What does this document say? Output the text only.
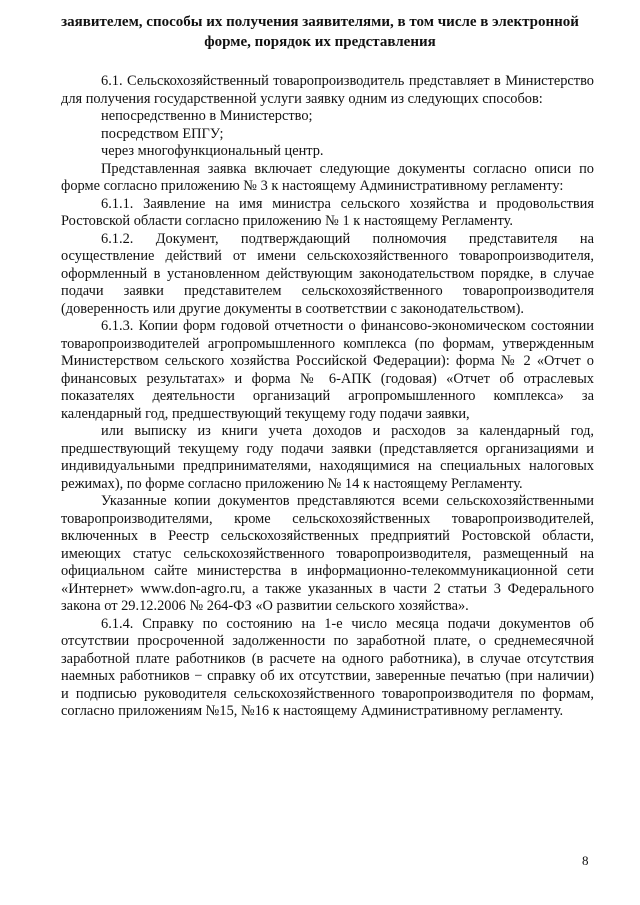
заявителем, способы их получения заявителями, в том числе в электронной
форме, порядок их представления

6.1. Сельскохозяйственный товаропроизводитель представляет в Министерство для получения государственной услуги заявку одним из следующих способов:

непосредственно в Министерство;
посредством ЕПГУ;
через многофункциональный центр.

Представленная заявка включает следующие документы согласно описи по форме согласно приложению № 3 к настоящему Административному регламенту:

6.1.1. Заявление на имя министра сельского хозяйства и продовольствия Ростовской области согласно приложению № 1 к настоящему Регламенту.

6.1.2. Документ, подтверждающий полномочия представителя на осуществление действий от имени сельскохозяйственного товаропроизводителя, оформленный в установленном действующим законодательством порядке, в случае подачи заявки представителем сельскохозяйственного товаропроизводителя (доверенность или другие документы в соответствии с законодательством).

6.1.3. Копии форм годовой отчетности о финансово-экономическом состоянии товаропроизводителей агропромышленного комплекса (по формам, утвержденным Министерством сельского хозяйства Российской Федерации): форма № 2 «Отчет о финансовых результатах» и форма № 6-АПК (годовая) «Отчет об отраслевых показателях деятельности организаций агропромышленного комплекса» за календарный год, предшествующий текущему году подачи заявки,

или выписку из книги учета доходов и расходов за календарный год, предшествующий текущему году подачи заявки (представляется организациями и индивидуальными предпринимателями, находящимися на специальных налоговых режимах), по форме согласно приложению № 14 к настоящему Регламенту.

Указанные копии документов представляются всеми сельскохозяйственными товаропроизводителями, кроме сельскохозяйственных товаропроизводителей, включенных в Реестр сельскохозяйственных предприятий Ростовской области, имеющих статус сельскохозяйственного товаропроизводителя, размещенный на официальном сайте министерства в информационно-телекоммуникационной сети «Интернет» www.don-agro.ru, а также указанных в части 2 статьи 3 Федерального закона от 29.12.2006 № 264-ФЗ «О развитии сельского хозяйства».

6.1.4. Справку по состоянию на 1-е число месяца подачи документов об отсутствии просроченной задолженности по заработной плате, о среднемесячной заработной плате работников (в расчете на одного работника), в случае отсутствия наемных работников − справку об их отсутствии, заверенные печатью (при наличии) и подписью руководителя сельскохозяйственного товаропроизводителя по формам, согласно приложениям №15, №16 к настоящему Административному регламенту.

8
